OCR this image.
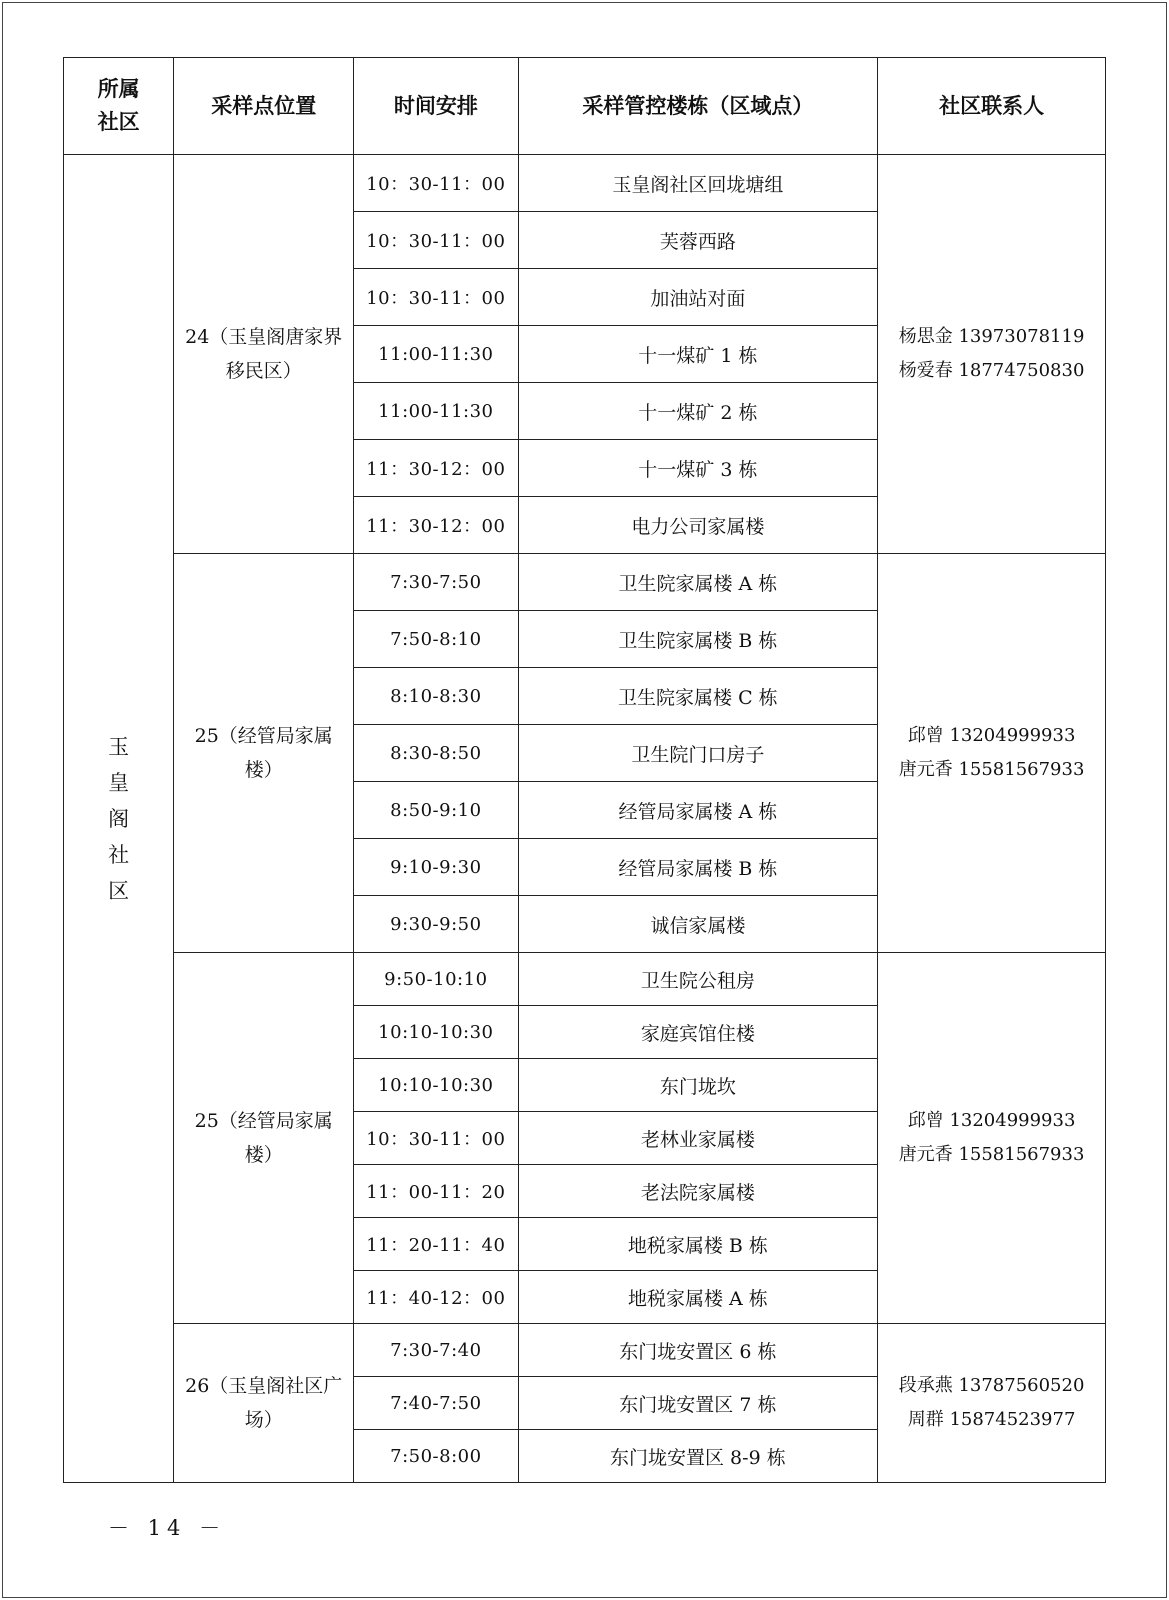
所属社区	采样点位置	时间安排	采样管控楼栋（区域点）	社区联系人
玉皇阁社区	24（玉皇阁唐家界移民区）	10：30-11：00	玉皇阁社区回垅塘组	杨思金 13973078119
杨爱春 18774750830

		10：30-11：00	芙蓉西路	
		10：30-11：00	加油站对面	
		11:00-11:30	十一煤矿 1 栋	
		11:00-11:30	十一煤矿 2 栋	
		11：30-12：00	十一煤矿 3 栋	
		11：30-12：00	电力公司家属楼	
	25（经管局家属楼）	7:30-7:50	卫生院家属楼 A 栋	邱曾 13204999933
唐元香 15581567933

		7:50-8:10	卫生院家属楼 B 栋	
		8:10-8:30	卫生院家属楼 C 栋	
		8:30-8:50	卫生院门口房子	
		8:50-9:10	经管局家属楼 A 栋	
		9:10-9:30	经管局家属楼 B 栋	
		9:30-9:50	诚信家属楼	
	25（经管局家属楼）	9:50-10:10	卫生院公租房	邱曾 13204999933
唐元香 15581567933

		10:10-10:30	家庭宾馆住楼	
		10:10-10:30	东门垅坎	
		10：30-11：00	老林业家属楼	
		11：00-11：20	老法院家属楼	
		11：20-11：40	地税家属楼 B 栋	
		11：40-12：00	地税家属楼 A 栋	
	26（玉皇阁社区广场）	7:30-7:40	东门垅安置区 6 栋	段承燕 13787560520
周群 15874523977

		7:40-7:50	东门垅安置区 7 栋	
		7:50-8:00	东门垅安置区 8-9 栋	
－ 14 －
